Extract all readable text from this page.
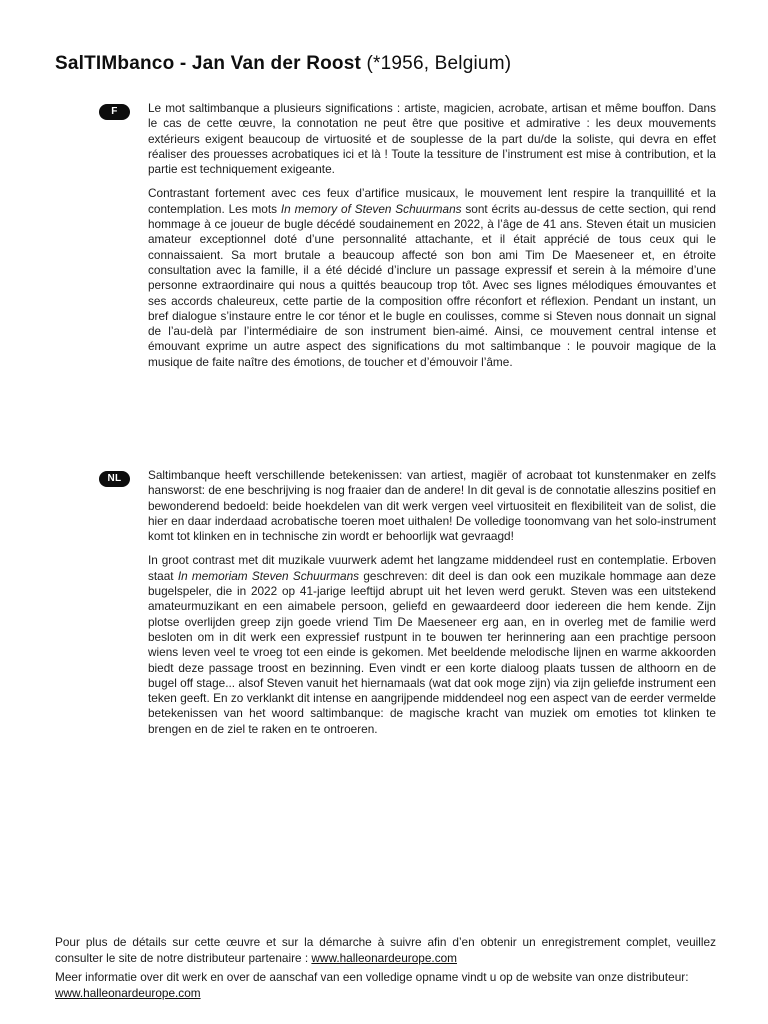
SalTIMbanco - Jan Van der Roost (*1956, Belgium)
F	Le mot saltimbanque a plusieurs significations : artiste, magicien, acrobate, artisan et même bouffon. Dans le cas de cette œuvre, la connotation ne peut être que positive et admirative : les deux mouvements extérieurs exigent beaucoup de virtuosité et de souplesse de la part du/de la soliste, qui devra en effet réaliser des prouesses acrobatiques ici et là ! Toute la tessiture de l’instrument est mise à contribution, et la partie est techniquement exigeante.

Contrastant fortement avec ces feux d’artifice musicaux, le mouvement lent respire la tranquillité et la contemplation. Les mots In memory of Steven Schuurmans sont écrits au-dessus de cette section, qui rend hommage à ce joueur de bugle décédé soudainement en 2022, à l’âge de 41 ans. Steven était un musicien amateur exceptionnel doté d’une personnalité attachante, et il était apprécié de tous ceux qui le connaissaient. Sa mort brutale a beaucoup affecté son bon ami Tim De Maeseneer et, en étroite consultation avec la famille, il a été décidé d’inclure un passage expressif et serein à la mémoire d’une personne extraordinaire qui nous a quittés beaucoup trop tôt. Avec ses lignes mélodiques émouvantes et ses accords chaleureux, cette partie de la composition offre réconfort et réflexion. Pendant un instant, un bref dialogue s’instaure entre le cor ténor et le bugle en coulisses, comme si Steven nous donnait un signal de l’au-delà par l’intermédiaire de son instrument bien-aimé. Ainsi, ce mouvement central intense et émouvant exprime un autre aspect des significations du mot saltimbanque : le pouvoir magique de la musique de faite naître des émotions, de toucher et d’émouvoir l’âme.

NL	Saltimbanque heeft verschillende betekenissen: van artiest, magiër of acrobaat tot kunstenmaker en zelfs hansworst: de ene beschrijving is nog fraaier dan de andere! In dit geval is de connotatie alleszins positief en bewonderend bedoeld: beide hoekdelen van dit werk vergen veel virtuositeit en flexibiliteit van de solist, die hier en daar inderdaad acrobatische toeren moet uithalen! De volledige toonomvang van het solo-instrument komt tot klinken en in technische zin wordt er behoorlijk wat gevraagd!

In groot contrast met dit muzikale vuurwerk ademt het langzame middendeel rust en contemplatie. Erboven staat In memoriam Steven Schuurmans geschreven: dit deel is dan ook een muzikale hommage aan deze bugelspeler, die in 2022 op 41-jarige leeftijd abrupt uit het leven werd gerukt. Steven was een uitstekend amateurmuzikant en een aimabele persoon, geliefd en gewaardeerd door iedereen die hem kende. Zijn plotse overlijden greep zijn goede vriend Tim De Maeseneer erg aan, en in overleg met de familie werd besloten om in dit werk een expressief rustpunt in te bouwen ter herinnering aan een prachtige persoon wiens leven veel te vroeg tot een einde is gekomen. Met beeldende melodische lijnen en warme akkoorden biedt deze passage troost en bezinning. Even vindt er een korte dialoog plaats tussen de althoorn en de bugel off stage... alsof Steven vanuit het hiernamaals (wat dat ook moge zijn) via zijn geliefde instrument een teken geeft. En zo verklankt dit intense en aangrijpende middendeel nog een aspect van de eerder vermelde betekenissen van het woord saltimbanque: de magische kracht van muziek om emoties tot klinken te brengen en de ziel te raken en te ontroeren.

Pour plus de détails sur cette œuvre et sur la démarche à suivre afin d’en obtenir un enregistrement complet, veuillez consulter le site de notre distributeur partenaire : www.halleonardeurope.com

Meer informatie over dit werk en over de aanschaf van een volledige opname vindt u op de website van onze distributeur:
www.halleonardeurope.com
